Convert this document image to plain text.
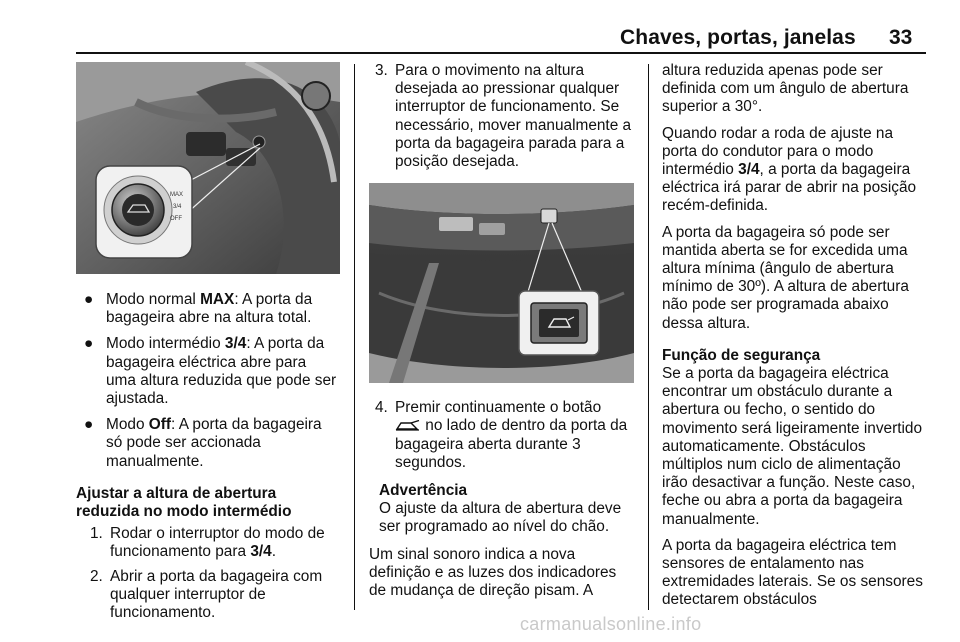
Chaves, portas, janelas 33
MAX
3/4
OFF
● Modo normal MAX: A porta da bagageira abre na altura total.
● Modo intermédio 3/4: A porta da bagageira eléctrica abre para uma altura reduzida que pode ser ajustada.
● Modo Off: A porta da bagageira só pode ser accionada manualmente.

Ajustar a altura de abertura reduzida no modo intermédio

1. Rodar o interruptor do modo de funcionamento para 3/4.
2. Abrir a porta da bagageira com qualquer interruptor de funcionamento.
3. Para o movimento na altura desejada ao pressionar qualquer interruptor de funcionamento. Se necessário, mover manualmente a porta da bagageira parada para a posição desejada.
4. Premir continuamente o botão
no lado de dentro da porta da bagageira aberta durante 3 segundos.

Advertência

O ajuste da altura de abertura deve ser programado ao nível do chão.

Um sinal sonoro indica a nova definição e as luzes dos indicadores de mudança de direção pisam. A

altura reduzida apenas pode ser definida com um ângulo de abertura superior a 30°.

Quando rodar a roda de ajuste na porta do condutor para o modo intermédio 3/4, a porta da bagageira eléctrica irá parar de abrir na posição recém-definida.

A porta da bagageira só pode ser mantida aberta se for excedida uma altura mínima (ângulo de abertura mínimo de 30º). A altura de abertura não pode ser programada abaixo dessa altura.

Função de segurança

Se a porta da bagageira eléctrica encontrar um obstáculo durante a abertura ou fecho, o sentido do movimento será ligeiramente invertido automaticamente. Obstáculos múltiplos num ciclo de alimentação irão desactivar a função. Neste caso, feche ou abra a porta da bagageira manualmente.

A porta da bagageira eléctrica tem sensores de entalamento nas extremidades laterais. Se os sensores detectarem obstáculos

carmanualsonline.info
